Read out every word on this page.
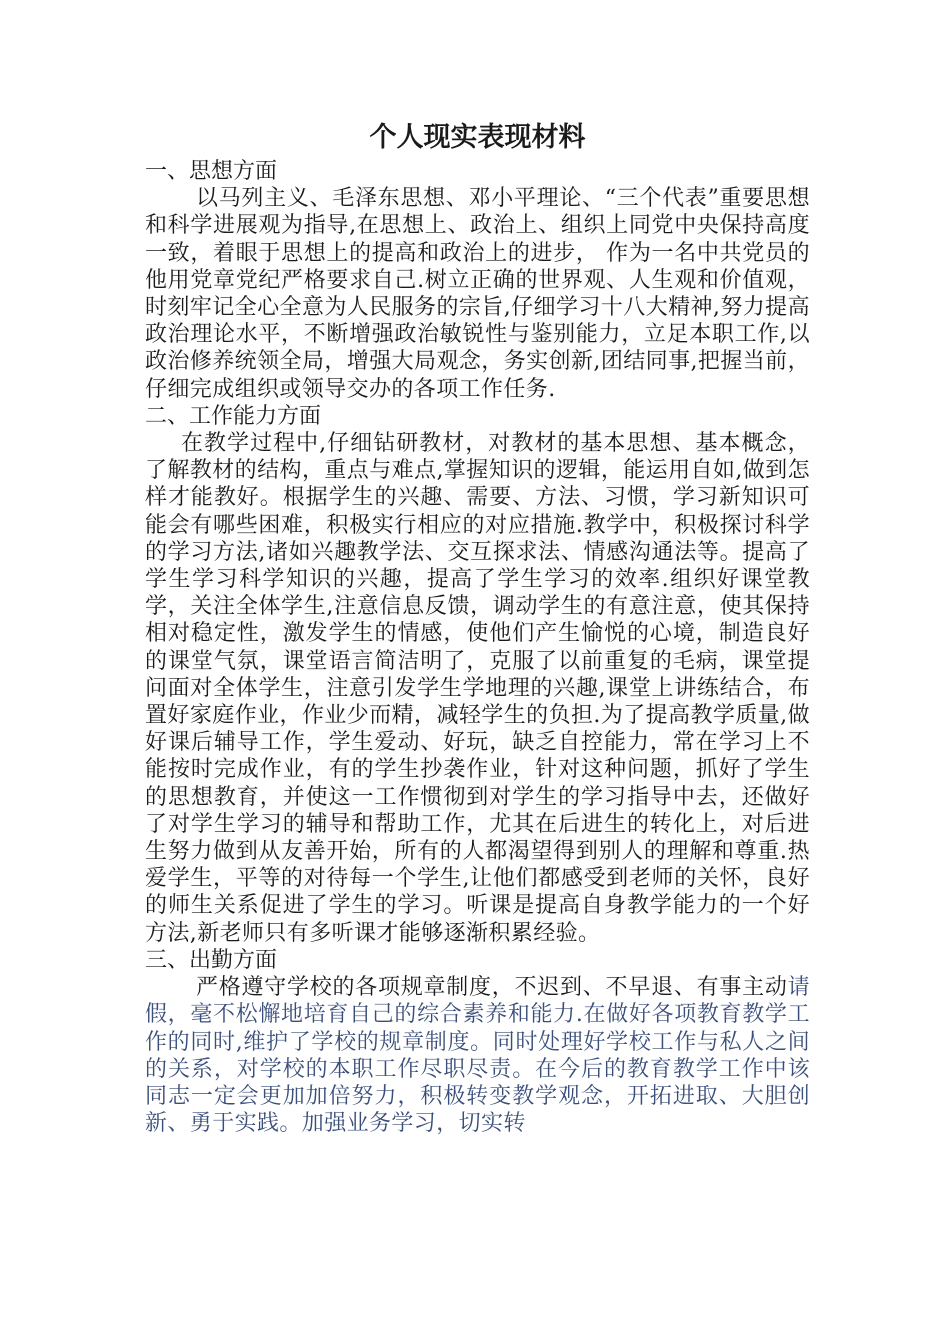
个人现实表现材料

一、思想方面

以马列主义、毛泽东思想、邓小平理论、“三个代表”重要思想和科学进展观为指导,在思想上、政治上、组织上同党中央保持高度一致，着眼于思想上的提高和政治上的进步， 作为一名中共党员的他用党章党纪严格要求自己.树立正确的世界观、人生观和价值观，时刻牢记全心全意为人民服务的宗旨,仔细学习十八大精神,努力提高政治理论水平，不断增强政治敏锐性与鉴别能力，立足本职工作,以政治修养统领全局，增强大局观念，务实创新,团结同事,把握当前，仔细完成组织或领导交办的各项工作任务.

二、工作能力方面

在教学过程中,仔细钻研教材，对教材的基本思想、基本概念，了解教材的结构，重点与难点,掌握知识的逻辑，能运用自如,做到怎样才能教好。根据学生的兴趣、需要、方法、习惯，学习新知识可能会有哪些困难，积极实行相应的对应措施.教学中，积极探讨科学的学习方法,诸如兴趣教学法、交互探求法、情感沟通法等。提高了学生学习科学知识的兴趣，提高了学生学习的效率.组织好课堂教学，关注全体学生,注意信息反馈，调动学生的有意注意，使其保持相对稳定性，激发学生的情感，使他们产生愉悦的心境，制造良好的课堂气氛，课堂语言简洁明了，克服了以前重复的毛病，课堂提问面对全体学生，注意引发学生学地理的兴趣,课堂上讲练结合，布置好家庭作业，作业少而精，减轻学生的负担.为了提高教学质量,做好课后辅导工作，学生爱动、好玩，缺乏自控能力，常在学习上不能按时完成作业，有的学生抄袭作业，针对这种问题，抓好了学生的思想教育，并使这一工作惯彻到对学生的学习指导中去，还做好了对学生学习的辅导和帮助工作，尤其在后进生的转化上，对后进生努力做到从友善开始，所有的人都渴望得到别人的理解和尊重.热爱学生，平等的对待每一个学生,让他们都感受到老师的关怀，良好的师生关系促进了学生的学习。听课是提高自身教学能力的一个好方法,新老师只有多听课才能够逐渐积累经验。

三、出勤方面

严格遵守学校的各项规章制度，不迟到、不早退、有事主动请假，毫不松懈地培育自己的综合素养和能力.在做好各项教育教学工作的同时,维护了学校的规章制度。同时处理好学校工作与私人之间的关系，对学校的本职工作尽职尽责。在今后的教育教学工作中该同志一定会更加加倍努力，积极转变教学观念，开拓进取、大胆创新、勇于实践。加强业务学习，切实转
